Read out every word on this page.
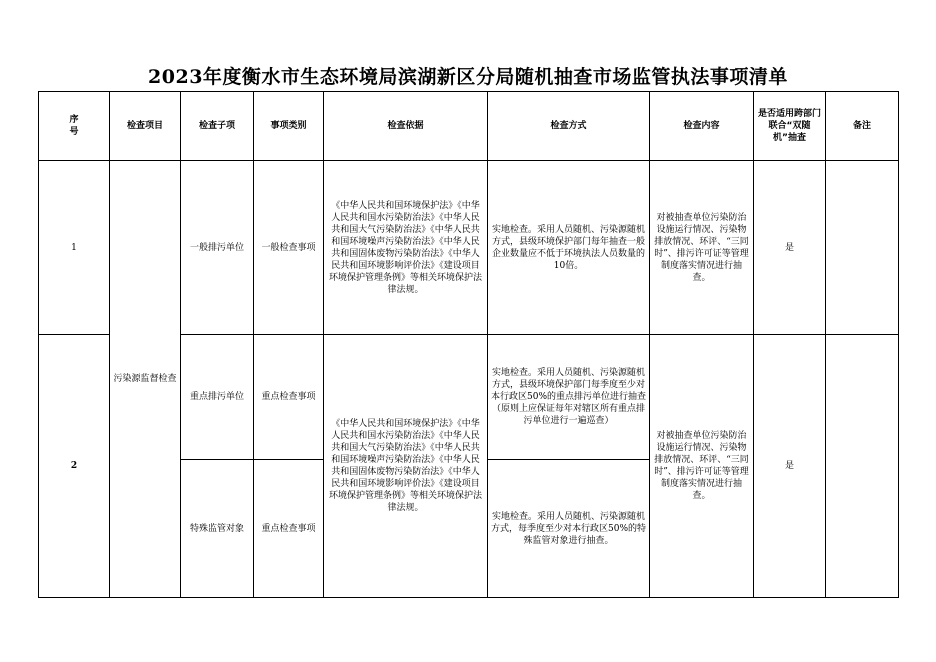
2023年度衡水市生态环境局滨湖新区分局随机抽查市场监管执法事项清单
序
号	检查项目	检查子项	事项类别	检查依据	检查方式	检查内容	是否适用跨部门联合“双随机”抽查	备注
1	污染源监督检查	一般排污单位	一般检查事项	《中华人民共和国环境保护法》《中华人民共和国水污染防治法》《中华人民共和国大气污染防治法》《中华人民共和国环境噪声污染防治法》《中华人民共和国固体废物污染防治法》《中华人民共和国环境影响评价法》《建设项目环境保护管理条例》等相关环境保护法律法规。	实地检查。采用人员随机、污染源随机方式，县级环境保护部门每年抽查一般企业数量应不低于环境执法人员数量的10倍。	对被抽查单位污染防治设施运行情况、污染物排放情况、环评、“三同时”、排污许可证等管理制度落实情况进行抽查。	是	
2		重点排污单位	重点检查事项	《中华人民共和国环境保护法》《中华人民共和国水污染防治法》《中华人民共和国大气污染防治法》《中华人民共和国环境噪声污染防治法》《中华人民共和国固体废物污染防治法》《中华人民共和国环境影响评价法》《建设项目环境保护管理条例》等相关环境保护法律法规。	实地检查。采用人员随机、污染源随机方式，县级环境保护部门每季度至少对本行政区50%的重点排污单位进行抽查（原则上应保证每年对辖区所有重点排污单位进行一遍巡查）	对被抽查单位污染防治设施运行情况、污染物排放情况、环评、“三同时”、排污许可证等管理制度落实情况进行抽查。	是	
		特殊监管对象	重点检查事项		实地检查。采用人员随机、污染源随机方式，每季度至少对本行政区50%的特殊监管对象进行抽查。			
